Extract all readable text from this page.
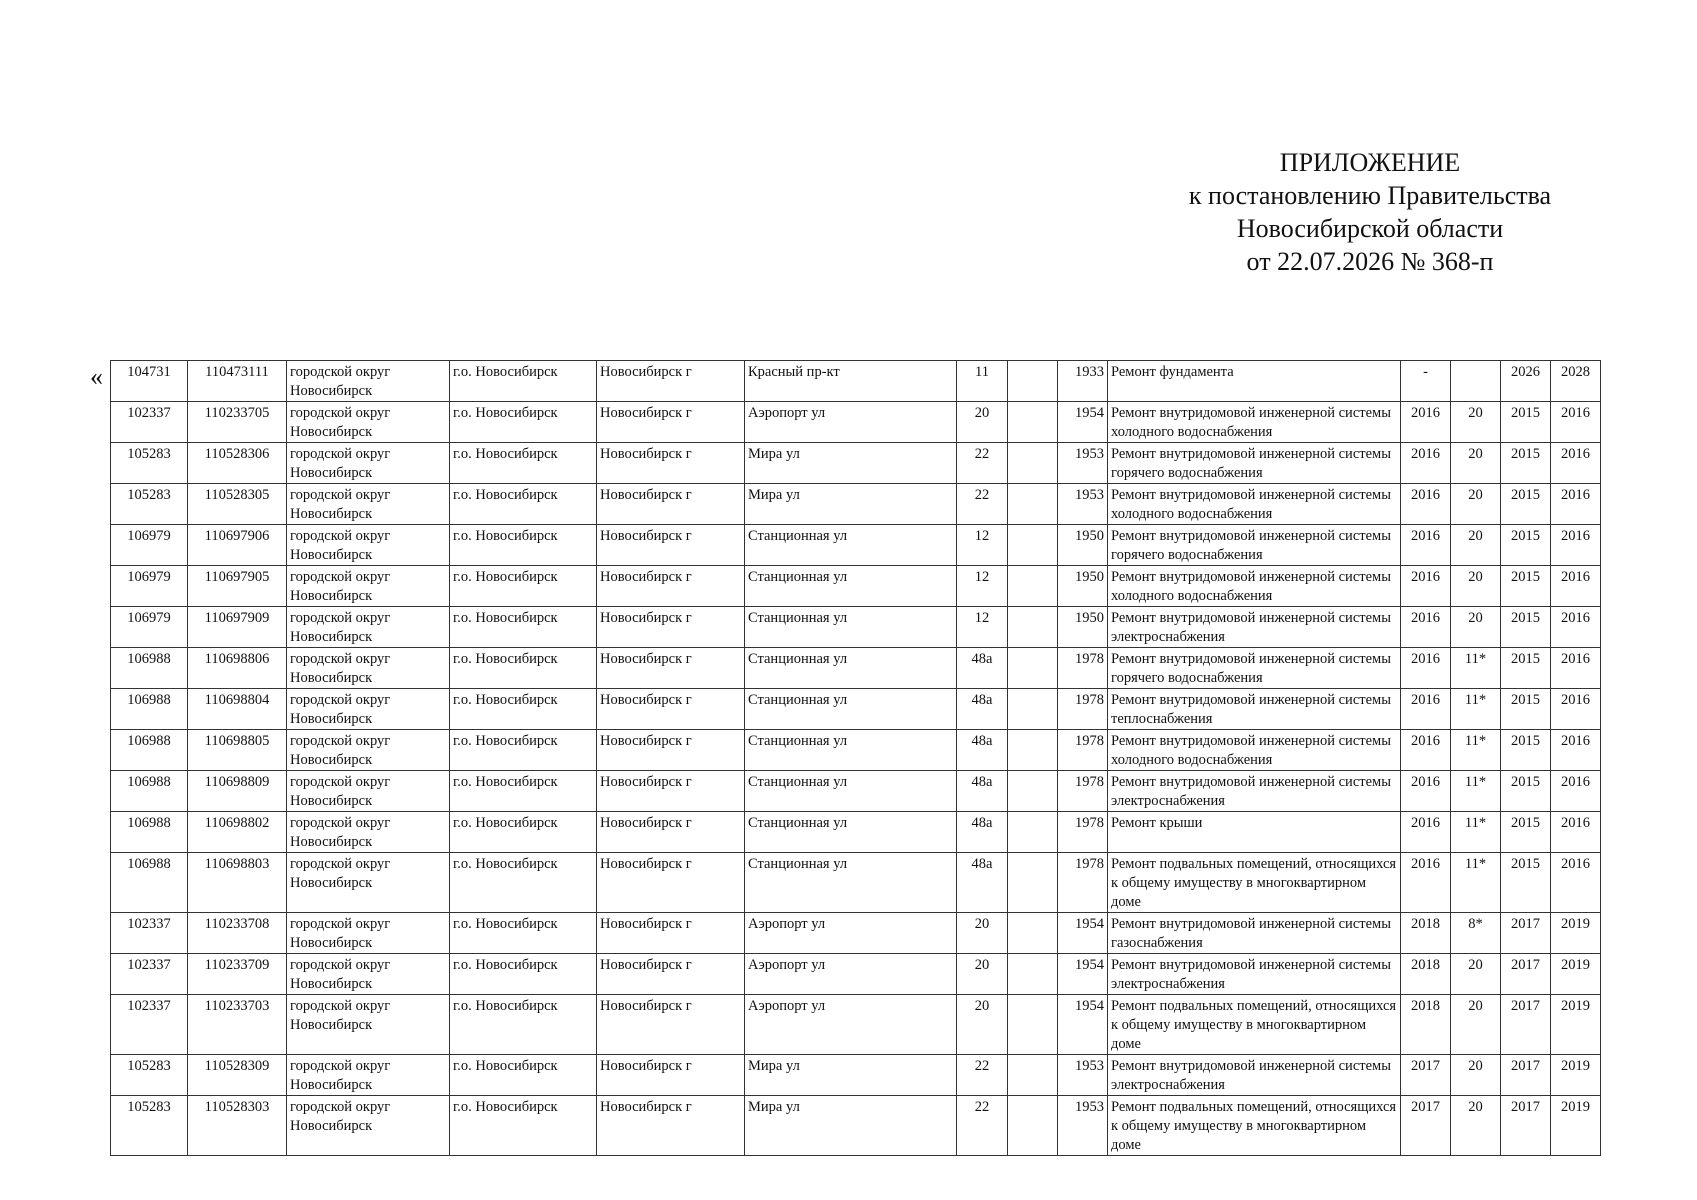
ПРИЛОЖЕНИЕ
к постановлению Правительства
Новосибирской области
от 22.07.2026 № 368-п
« 104731	110473111	городской округ Новосибирск	г.о. Новосибирск	Новосибирск г	Красный пр-кт	11		1933	Ремонт фундамента	-		2026	2028
102337	110233705	городской округ Новосибирск	г.о. Новосибирск	Новосибирск г	Аэропорт ул	20		1954	Ремонт внутридомовой инженерной системы холодного водоснабжения	2016	20	2015	2016
105283	110528306	городской округ Новосибирск	г.о. Новосибирск	Новосибирск г	Мира ул	22		1953	Ремонт внутридомовой инженерной системы горячего водоснабжения	2016	20	2015	2016
105283	110528305	городской округ Новосибирск	г.о. Новосибирск	Новосибирск г	Мира ул	22		1953	Ремонт внутридомовой инженерной системы холодного водоснабжения	2016	20	2015	2016
106979	110697906	городской округ Новосибирск	г.о. Новосибирск	Новосибирск г	Станционная ул	12		1950	Ремонт внутридомовой инженерной системы горячего водоснабжения	2016	20	2015	2016
106979	110697905	городской округ Новосибирск	г.о. Новосибирск	Новосибирск г	Станционная ул	12		1950	Ремонт внутридомовой инженерной системы холодного водоснабжения	2016	20	2015	2016
106979	110697909	городской округ Новосибирск	г.о. Новосибирск	Новосибирск г	Станционная ул	12		1950	Ремонт внутридомовой инженерной системы электроснабжения	2016	20	2015	2016
106988	110698806	городской округ Новосибирск	г.о. Новосибирск	Новосибирск г	Станционная ул	48а		1978	Ремонт внутридомовой инженерной системы горячего водоснабжения	2016	11*	2015	2016
106988	110698804	городской округ Новосибирск	г.о. Новосибирск	Новосибирск г	Станционная ул	48а		1978	Ремонт внутридомовой инженерной системы теплоснабжения	2016	11*	2015	2016
106988	110698805	городской округ Новосибирск	г.о. Новосибирск	Новосибирск г	Станционная ул	48а		1978	Ремонт внутридомовой инженерной системы холодного водоснабжения	2016	11*	2015	2016
106988	110698809	городской округ Новосибирск	г.о. Новосибирск	Новосибирск г	Станционная ул	48а		1978	Ремонт внутридомовой инженерной системы электроснабжения	2016	11*	2015	2016
106988	110698802	городской округ Новосибирск	г.о. Новосибирск	Новосибирск г	Станционная ул	48а		1978	Ремонт крыши	2016	11*	2015	2016
106988	110698803	городской округ Новосибирск	г.о. Новосибирск	Новосибирск г	Станционная ул	48а		1978	Ремонт подвальных помещений, относящихся к общему имуществу в многоквартирном доме	2016	11*	2015	2016
102337	110233708	городской округ Новосибирск	г.о. Новосибирск	Новосибирск г	Аэропорт ул	20		1954	Ремонт внутридомовой инженерной системы газоснабжения	2018	8*	2017	2019
102337	110233709	городской округ Новосибирск	г.о. Новосибирск	Новосибирск г	Аэропорт ул	20		1954	Ремонт внутридомовой инженерной системы электроснабжения	2018	20	2017	2019
102337	110233703	городской округ Новосибирск	г.о. Новосибирск	Новосибирск г	Аэропорт ул	20		1954	Ремонт подвальных помещений, относящихся к общему имуществу в многоквартирном доме	2018	20	2017	2019
105283	110528309	городской округ Новосибирск	г.о. Новосибирск	Новосибирск г	Мира ул	22		1953	Ремонт внутридомовой инженерной системы электроснабжения	2017	20	2017	2019
105283	110528303	городской округ Новосибирск	г.о. Новосибирск	Новосибирск г	Мира ул	22		1953	Ремонт подвальных помещений, относящихся к общему имуществу в многоквартирном доме	2017	20	2017	2019
